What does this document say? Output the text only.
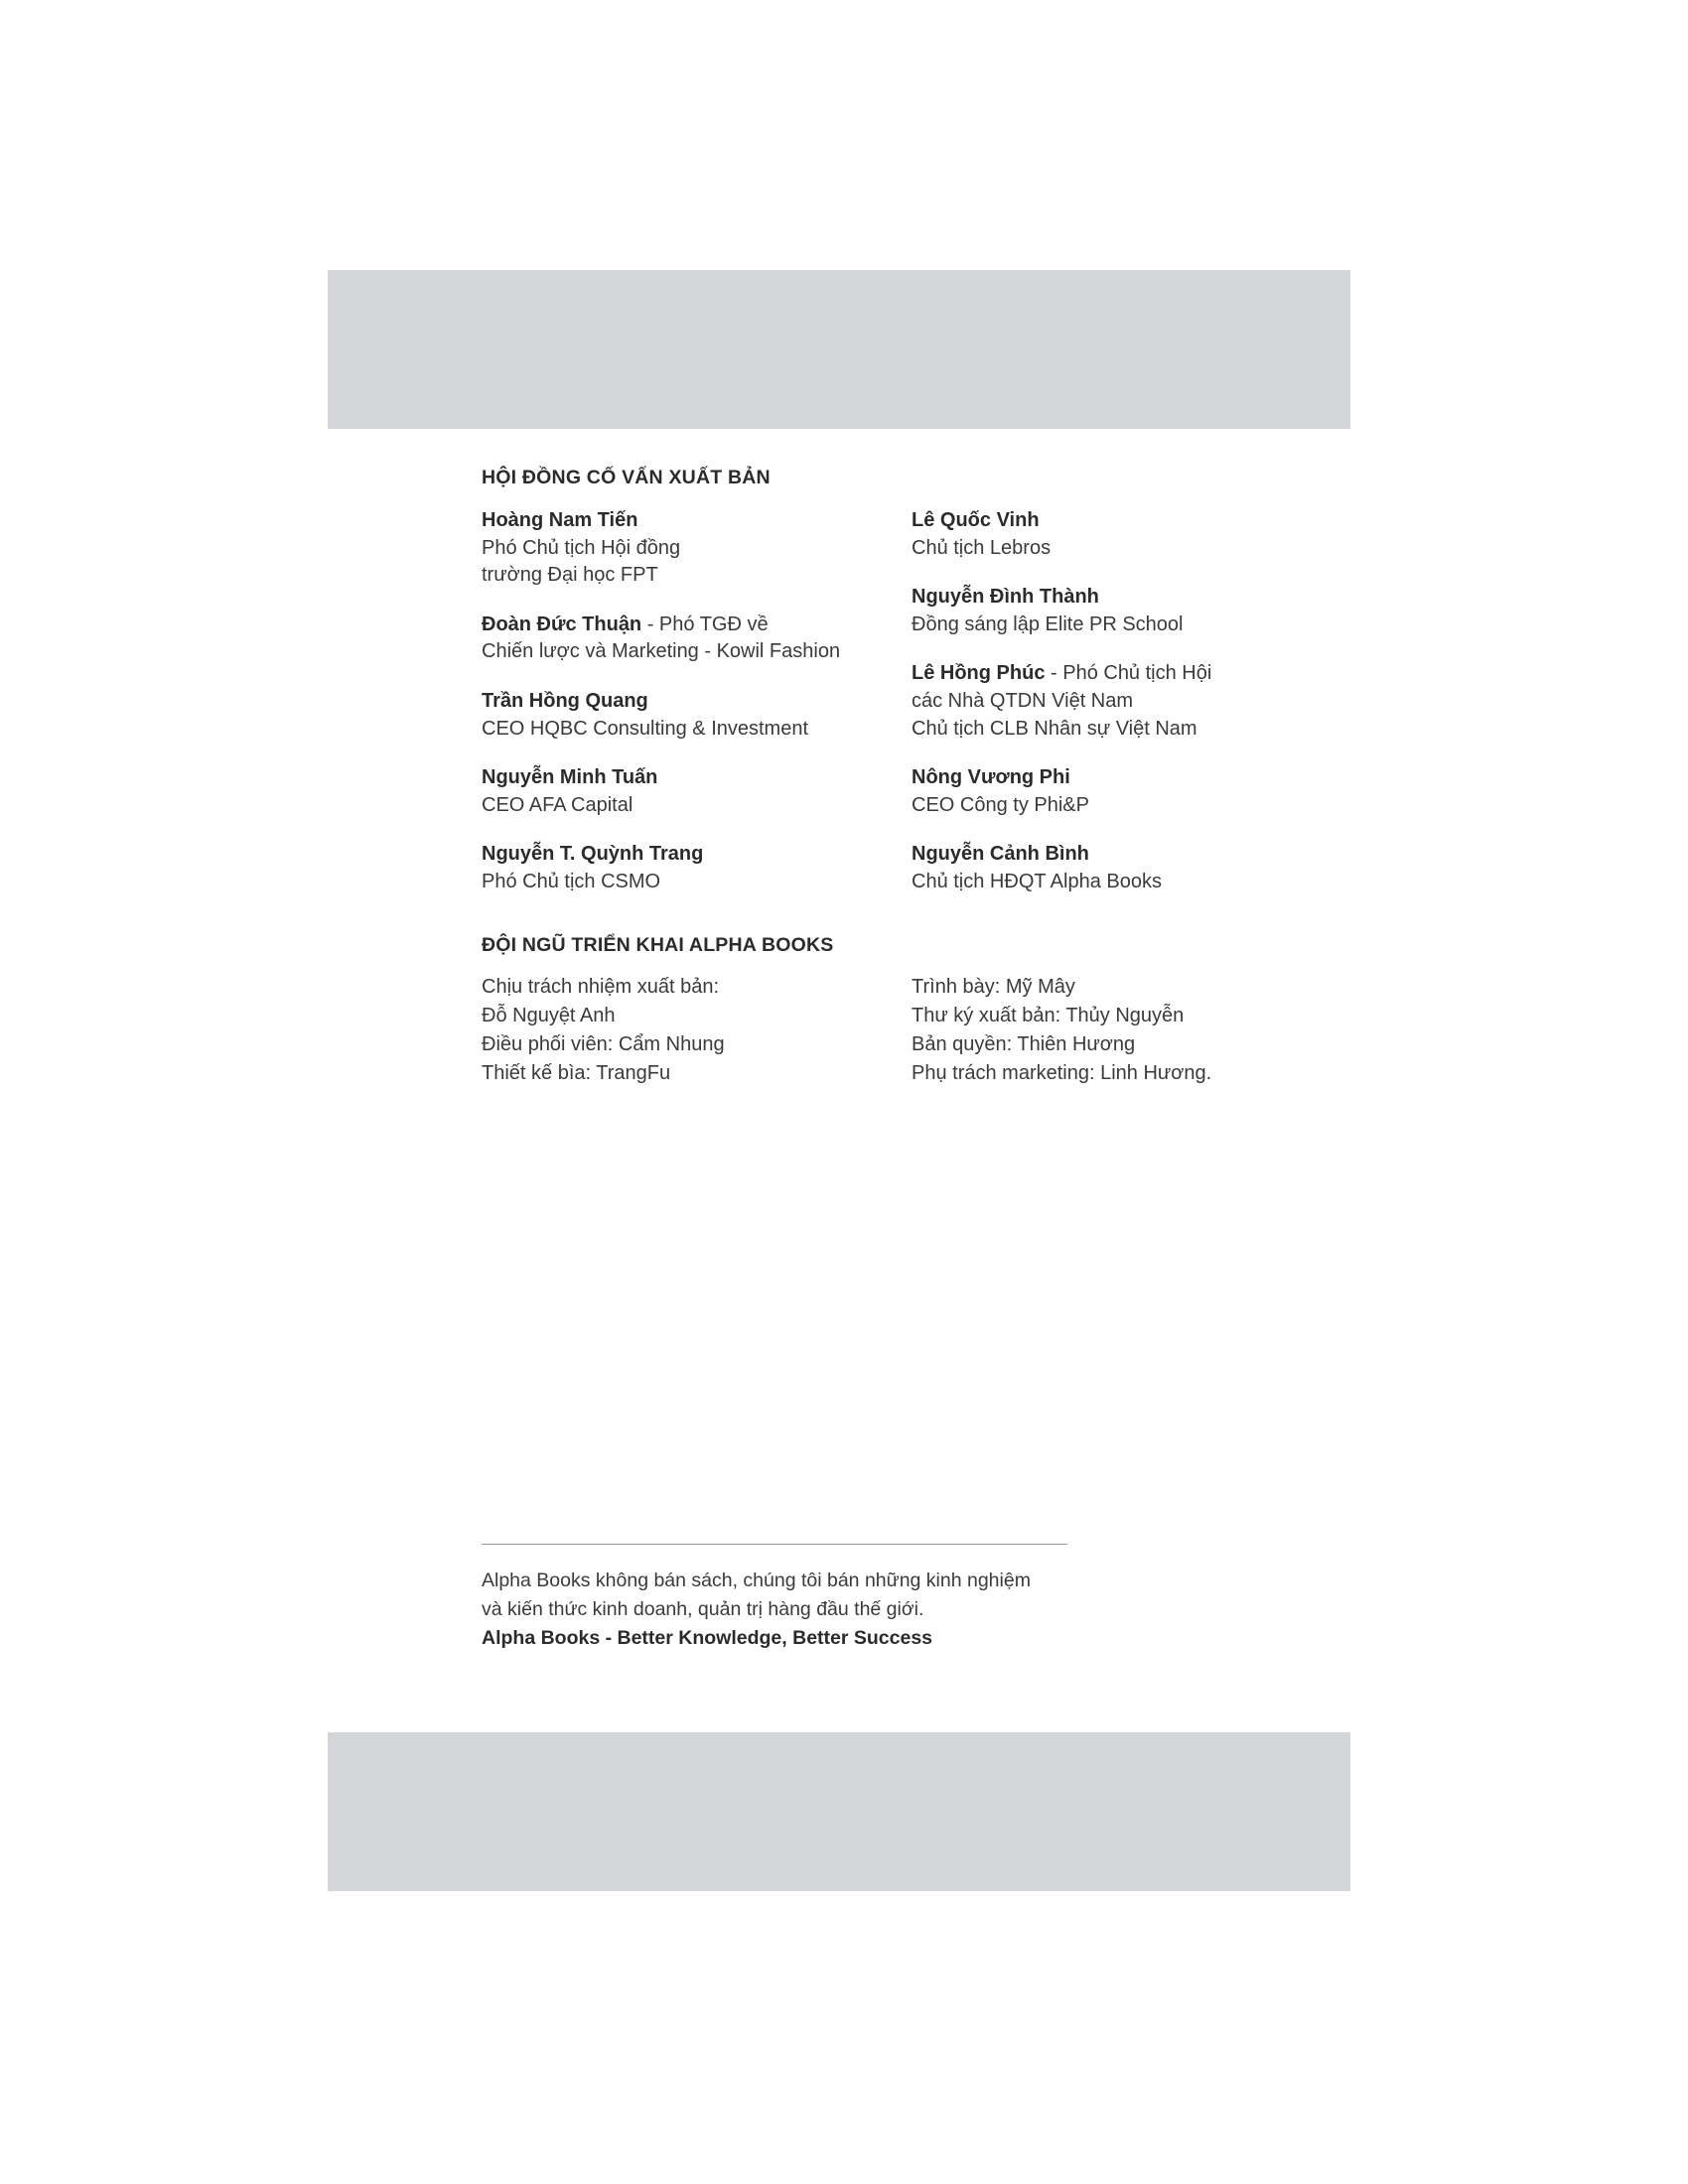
HỘI ĐỒNG CỐ VẤN XUẤT BẢN
Hoàng Nam Tiến
Phó Chủ tịch Hội đồng
trường Đại học FPT
Đoàn Đức Thuận - Phó TGĐ về
Chiến lược và Marketing - Kowil Fashion
Trần Hồng Quang
CEO HQBC Consulting & Investment
Nguyễn Minh Tuấn
CEO AFA Capital
Nguyễn T. Quỳnh Trang
Phó Chủ tịch CSMO
Lê Quốc Vinh
Chủ tịch Lebros
Nguyễn Đình Thành
Đồng sáng lập Elite PR School
Lê Hồng Phúc - Phó Chủ tịch Hội
các Nhà QTDN Việt Nam
Chủ tịch CLB Nhân sự Việt Nam
Nông Vương Phi
CEO Công ty Phi&P
Nguyễn Cảnh Bình
Chủ tịch HĐQT Alpha Books
ĐỘI NGŨ TRIỂN KHAI ALPHA BOOKS
Chịu trách nhiệm xuất bản:
Đỗ Nguyệt Anh
Điều phối viên: Cẩm Nhung
Thiết kế bìa: TrangFu
Trình bày: Mỹ Mây
Thư ký xuất bản: Thủy Nguyễn
Bản quyền: Thiên Hương
Phụ trách marketing: Linh Hương.
Alpha Books không bán sách, chúng tôi bán những kinh nghiệm
và kiến thức kinh doanh, quản trị hàng đầu thế giới.
Alpha Books - Better Knowledge, Better Success
